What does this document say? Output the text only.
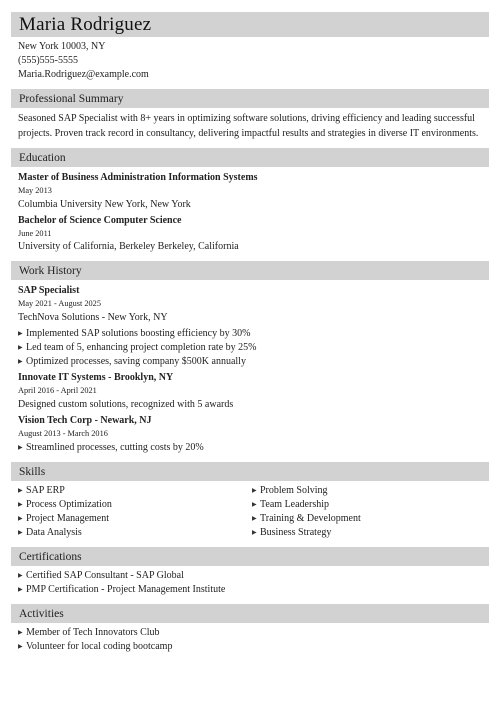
Maria Rodriguez
New York 10003, NY
(555)555-5555
Maria.Rodriguez@example.com
Professional Summary
Seasoned SAP Specialist with 8+ years in optimizing software solutions, driving efficiency and leading successful projects. Proven track record in consultancy, delivering impactful results and strategies in diverse IT environments.
Education
Master of Business Administration Information Systems
May 2013
Columbia University New York, New York
Bachelor of Science Computer Science
June 2011
University of California, Berkeley Berkeley, California
Work History
SAP Specialist
May 2021 - August 2025
TechNova Solutions - New York, NY
▶ Implemented SAP solutions boosting efficiency by 30%
▶ Led team of 5, enhancing project completion rate by 25%
▶ Optimized processes, saving company $500K annually
Innovate IT Systems - Brooklyn, NY
April 2016 - April 2021
Designed custom solutions, recognized with 5 awards
Vision Tech Corp - Newark, NJ
August 2013 - March 2016
▶ Streamlined processes, cutting costs by 20%
Skills
▶ SAP ERP
▶ Process Optimization
▶ Project Management
▶ Data Analysis
▶ Problem Solving
▶ Team Leadership
▶ Training & Development
▶ Business Strategy
Certifications
▶ Certified SAP Consultant - SAP Global
▶ PMP Certification - Project Management Institute
Activities
▶ Member of Tech Innovators Club
▶ Volunteer for local coding bootcamp
